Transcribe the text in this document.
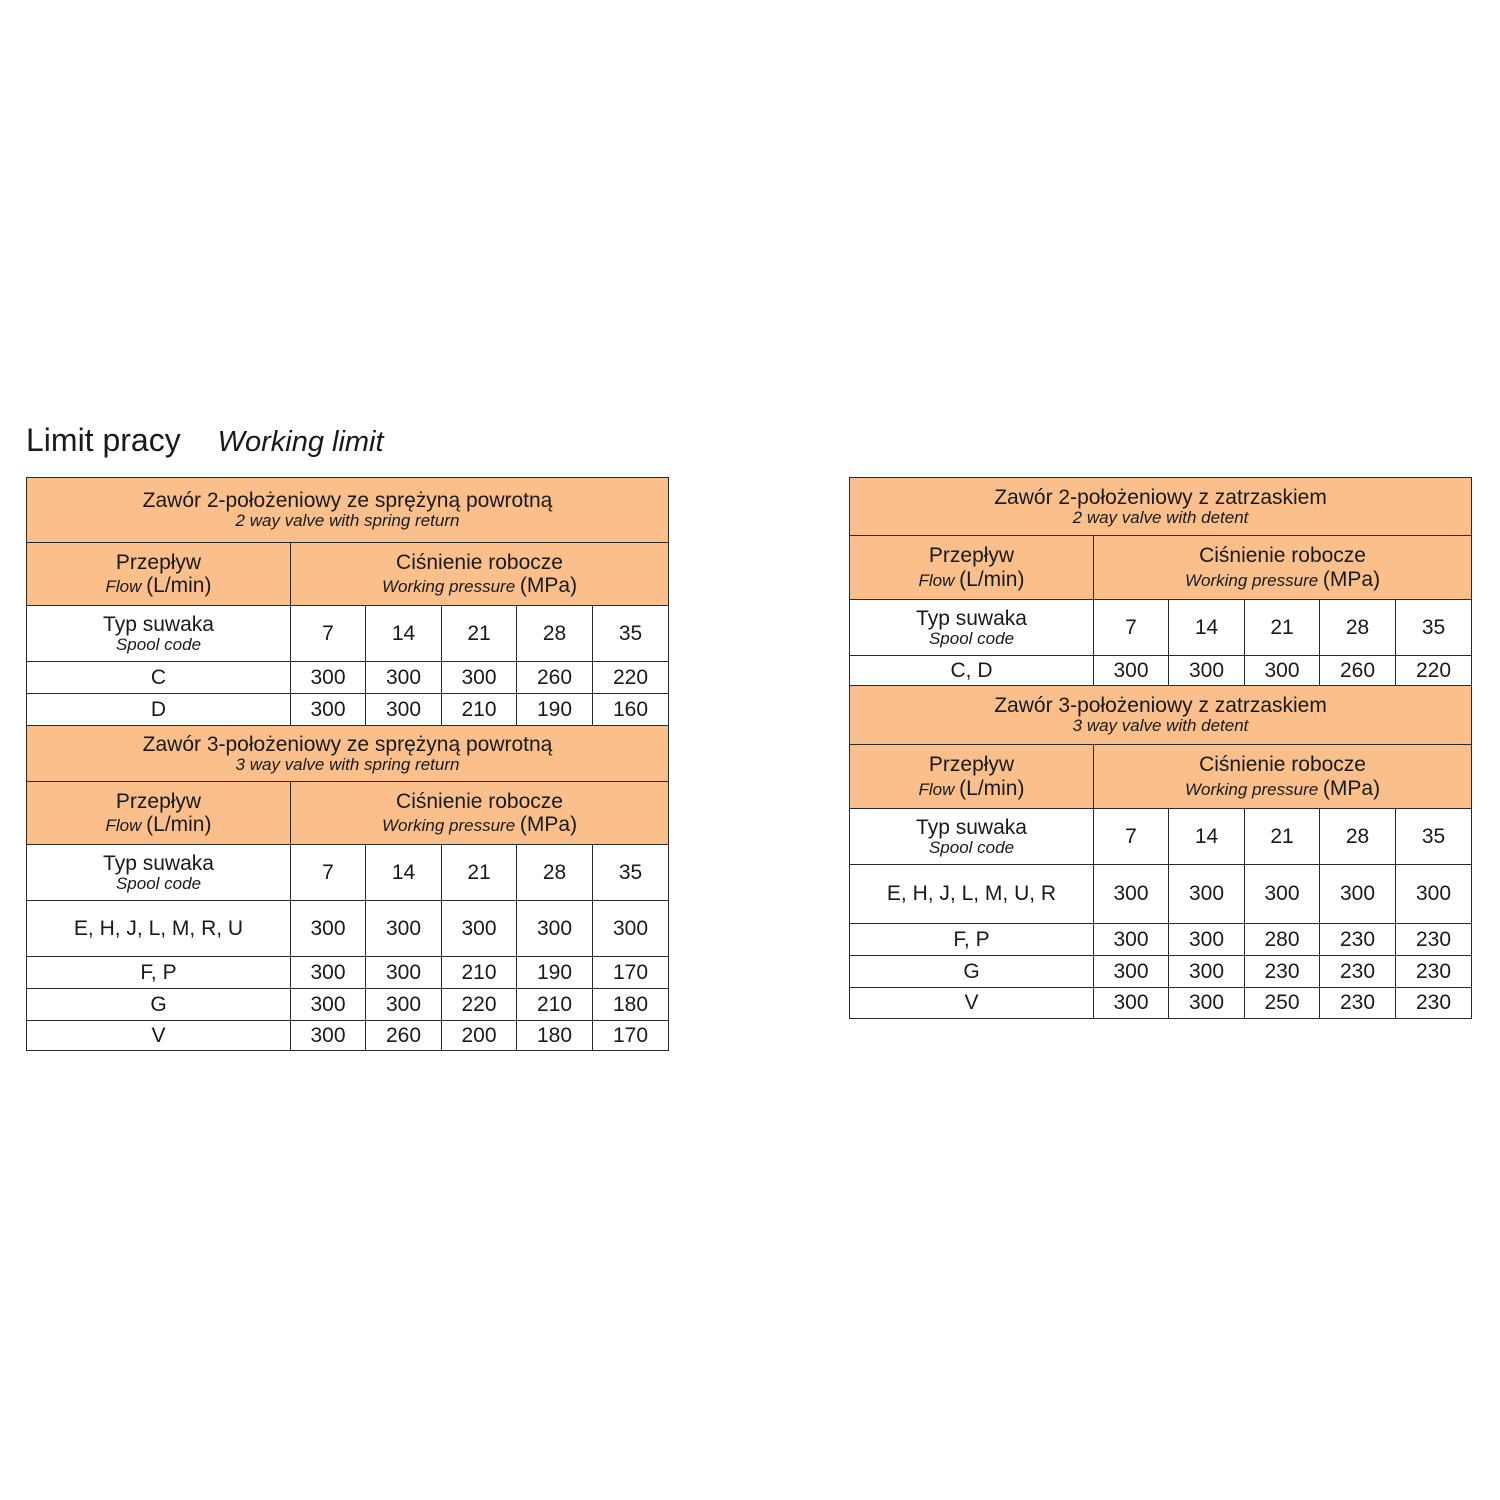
Limit pracy Working limit
Zawór 2-położeniowy ze sprężyną powrotną
2 way valve with spring return					

Przepływ
Flow (L/min)	Ciśnienie robocze
Working pressure (MPa)				

Typ suwaka
Spool code	7	14	21	28	35
C	300	300	300	260	220
D	300	300	210	190	160

Zawór 3-położeniowy ze sprężyną powrotną
3 way valve with spring return					

Przepływ
Flow (L/min)	Ciśnienie robocze
Working pressure (MPa)				

Typ suwaka
Spool code	7	14	21	28	35
E, H, J, L, M, R, U	300	300	300	300	300
F, P	300	300	210	190	170
G	300	300	220	210	180
V	300	260	200	180	170
Zawór 2-położeniowy z zatrzaskiem
2 way valve with detent					

Przepływ
Flow (L/min)	Ciśnienie robocze
Working pressure (MPa)				

Typ suwaka
Spool code	7	14	21	28	35
C, D	300	300	300	260	220

Zawór 3-położeniowy z zatrzaskiem
3 way valve with detent					

Przepływ
Flow (L/min)	Ciśnienie robocze
Working pressure (MPa)				

Typ suwaka
Spool code	7	14	21	28	35
E, H, J, L, M, U, R	300	300	300	300	300
F, P	300	300	280	230	230
G	300	300	230	230	230
V	300	300	250	230	230
